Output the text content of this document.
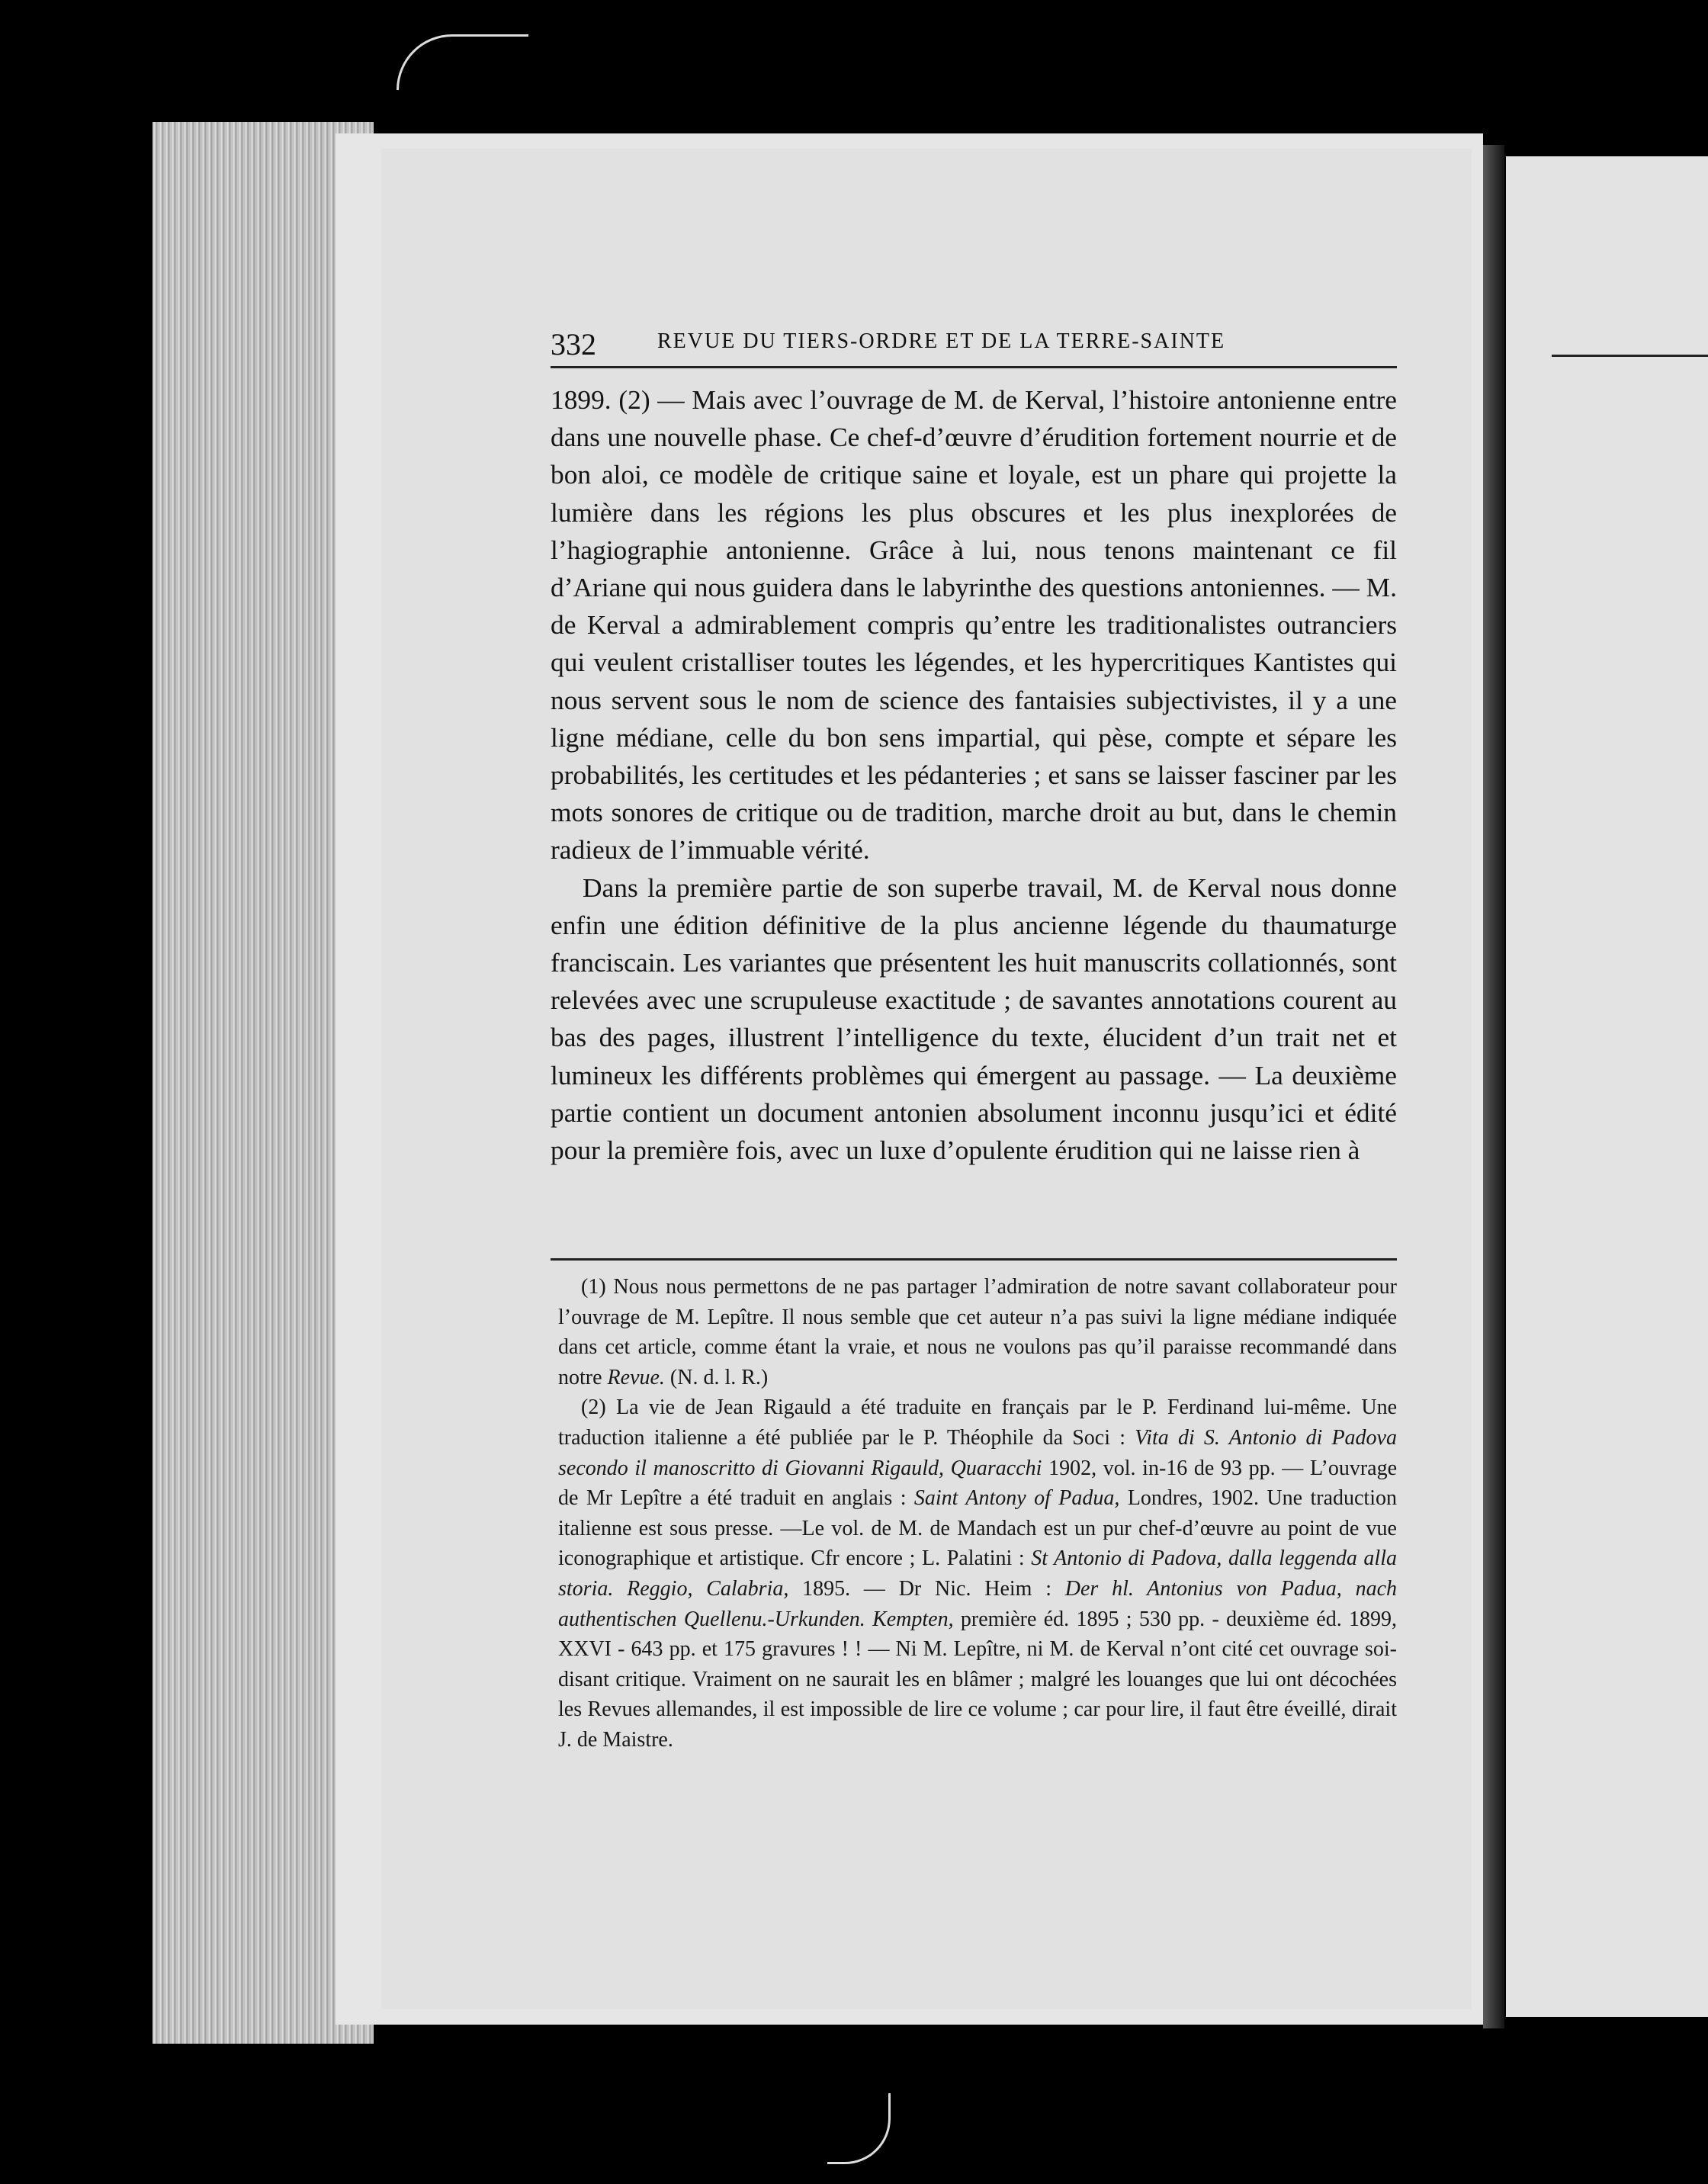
332	REVUE DU TIERS-ORDRE ET DE LA TERRE-SAINTE

1899. (2) — Mais avec l’ouvrage de M. de Kerval, l’histoire antonienne entre dans une nouvelle phase. Ce chef-d’œuvre d’érudition fortement nourrie et de bon aloi, ce modèle de critique saine et loyale, est un phare qui projette la lumière dans les régions les plus obscures et les plus inexplorées de l’hagiographie antonienne. Grâce à lui, nous tenons maintenant ce fil d’Ariane qui nous guidera dans le labyrinthe des questions antoniennes. — M. de Kerval a admirablement compris qu’entre les traditionalistes outranciers qui veulent cristalliser toutes les légendes, et les hypercritiques Kantistes qui nous servent sous le nom de science des fantaisies subjectivistes, il y a une ligne médiane, celle du bon sens impartial, qui pèse, compte et sépare les probabilités, les certitudes et les pédanteries ; et sans se laisser fasciner par les mots sonores de critique ou de tradition, marche droit au but, dans le chemin radieux de l’immuable vérité.

Dans la première partie de son superbe travail, M. de Kerval nous donne enfin une édition définitive de la plus ancienne légende du thaumaturge franciscain. Les variantes que présentent les huit manuscrits collationnés, sont relevées avec une scrupuleuse exactitude ; de savantes annotations courent au bas des pages, illustrent l’intelligence du texte, élucident d’un trait net et lumineux les différents problèmes qui émergent au passage. — La deuxième partie contient un document antonien absolument inconnu jusqu’ici et édité pour la première fois, avec un luxe d’opulente érudition qui ne laisse rien à

(1) Nous nous permettons de ne pas partager l’admiration de notre savant collaborateur pour l’ouvrage de M. Lepître. Il nous semble que cet auteur n’a pas suivi la ligne médiane indiquée dans cet article, comme étant la vraie, et nous ne voulons pas qu’il paraisse recommandé dans notre Revue. (N. d. l. R.)

(2) La vie de Jean Rigauld a été traduite en français par le P. Ferdinand lui-même. Une traduction italienne a été publiée par le P. Théophile da Soci : Vita di S. Antonio di Padova secondo il manoscritto di Giovanni Rigauld, Quaracchi 1902, vol. in-16 de 93 pp. — L’ouvrage de Mr Lepître a été traduit en anglais : Saint Antony of Padua, Londres, 1902. Une traduction italienne est sous presse. —Le vol. de M. de Mandach est un pur chef-d’œuvre au point de vue iconographique et artistique. Cfr encore ; L. Palatini : St Antonio di Padova, dalla leggenda alla storia. Reggio, Calabria, 1895. — Dr Nic. Heim : Der hl. Antonius von Padua, nach authentischen Quellenu.-Urkunden. Kempten, première éd. 1895 ; 530 pp. - deuxième éd. 1899, XXVI - 643 pp. et 175 gravures ! ! — Ni M. Lepître, ni M. de Kerval n’ont cité cet ouvrage soi-disant critique. Vraiment on ne saurait les en blâmer ; malgré les louanges que lui ont décochées les Revues allemandes, il est impossible de lire ce volume ; car pour lire, il faut être éveillé, dirait J. de Maistre.
